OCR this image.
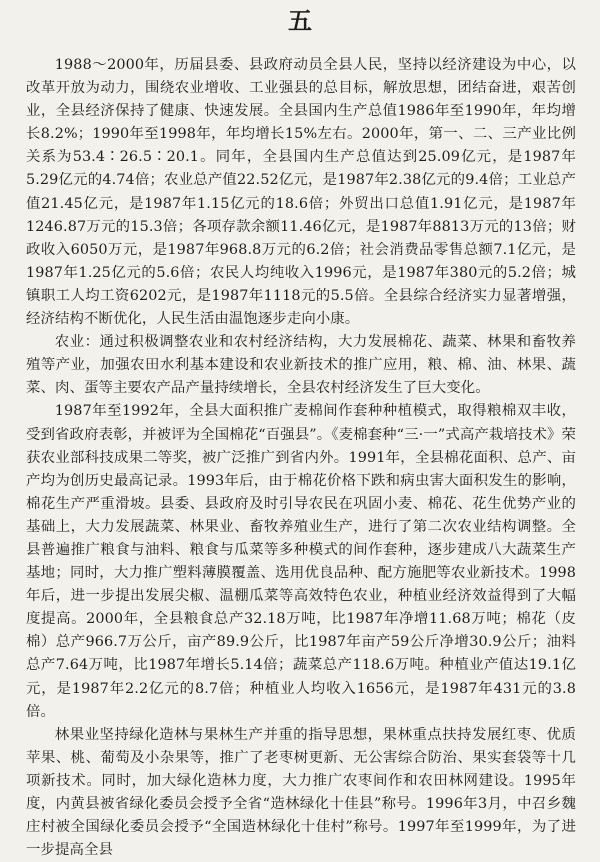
五

1988～2000年，历届县委、县政府动员全县人民，坚持以经济建设为中心，以改革开放为动力，围绕农业增收、工业强县的总目标，解放思想，团结奋进，艰苦创业，全县经济保持了健康、快速发展。全县国内生产总值1986年至1990年，年均增长8.2%；1990年至1998年，年均增长15%左右。2000年，第一、二、三产业比例关系为53.4∶26.5∶20.1。同年，全县国内生产总值达到25.09亿元，是1987年5.29亿元的4.74倍；农业总产值22.52亿元，是1987年2.38亿元的9.4倍；工业总产值21.45亿元，是1987年1.15亿元的18.6倍；外贸出口总值1.91亿元，是1987年1246.87万元的15.3倍；各项存款余额11.46亿元，是1987年8813万元的13倍；财政收入6050万元，是1987年968.8万元的6.2倍；社会消费品零售总额7.1亿元，是1987年1.25亿元的5.6倍；农民人均纯收入1996元，是1987年380元的5.2倍；城镇职工人均工资6202元，是1987年1118元的5.5倍。全县综合经济实力显著增强，经济结构不断优化，人民生活由温饱逐步走向小康。

农业：通过积极调整农业和农村经济结构，大力发展棉花、蔬菜、林果和畜牧养殖等产业，加强农田水利基本建设和农业新技术的推广应用，粮、棉、油、林果、蔬菜、肉、蛋等主要农产品产量持续增长，全县农村经济发生了巨大变化。

1987年至1992年，全县大面积推广麦棉间作套种种植模式，取得粮棉双丰收，受到省政府表彰，并被评为全国棉花“百强县”。《麦棉套种“三·一”式高产栽培技术》荣获农业部科技成果二等奖，被广泛推广到省内外。1991年，全县棉花面积、总产、亩产均为创历史最高记录。1993年后，由于棉花价格下跌和病虫害大面积发生的影响，棉花生产严重滑坡。县委、县政府及时引导农民在巩固小麦、棉花、花生优势产业的基础上，大力发展蔬菜、林果业、畜牧养殖业生产，进行了第二次农业结构调整。全县普遍推广粮食与油料、粮食与瓜菜等多种模式的间作套种，逐步建成八大蔬菜生产基地；同时，大力推广塑料薄膜覆盖、选用优良品种、配方施肥等农业新技术。1998年后，进一步提出发展尖椒、温棚瓜菜等高效特色农业，种植业经济效益得到了大幅度提高。2000年，全县粮食总产32.18万吨，比1987年净增11.68万吨；棉花（皮棉）总产966.7万公斤，亩产89.9公斤，比1987年亩产59公斤净增30.9公斤；油料总产7.64万吨，比1987年增长5.14倍；蔬菜总产118.6万吨。种植业产值达19.1亿元，是1987年2.2亿元的8.7倍；种植业人均收入1656元，是1987年431元的3.8倍。

林果业坚持绿化造林与果林生产并重的指导思想，果林重点扶持发展红枣、优质苹果、桃、葡萄及小杂果等，推广了老枣树更新、无公害综合防治、果实套袋等十几项新技术。同时，加大绿化造林力度，大力推广农枣间作和农田林网建设。1995年度，内黄县被省绿化委员会授予全省“造林绿化十佳县”称号。1996年3月，中召乡魏庄村被全国绿化委员会授予“全国造林绿化十佳村”称号。1997年至1999年，为了进一步提高全县
